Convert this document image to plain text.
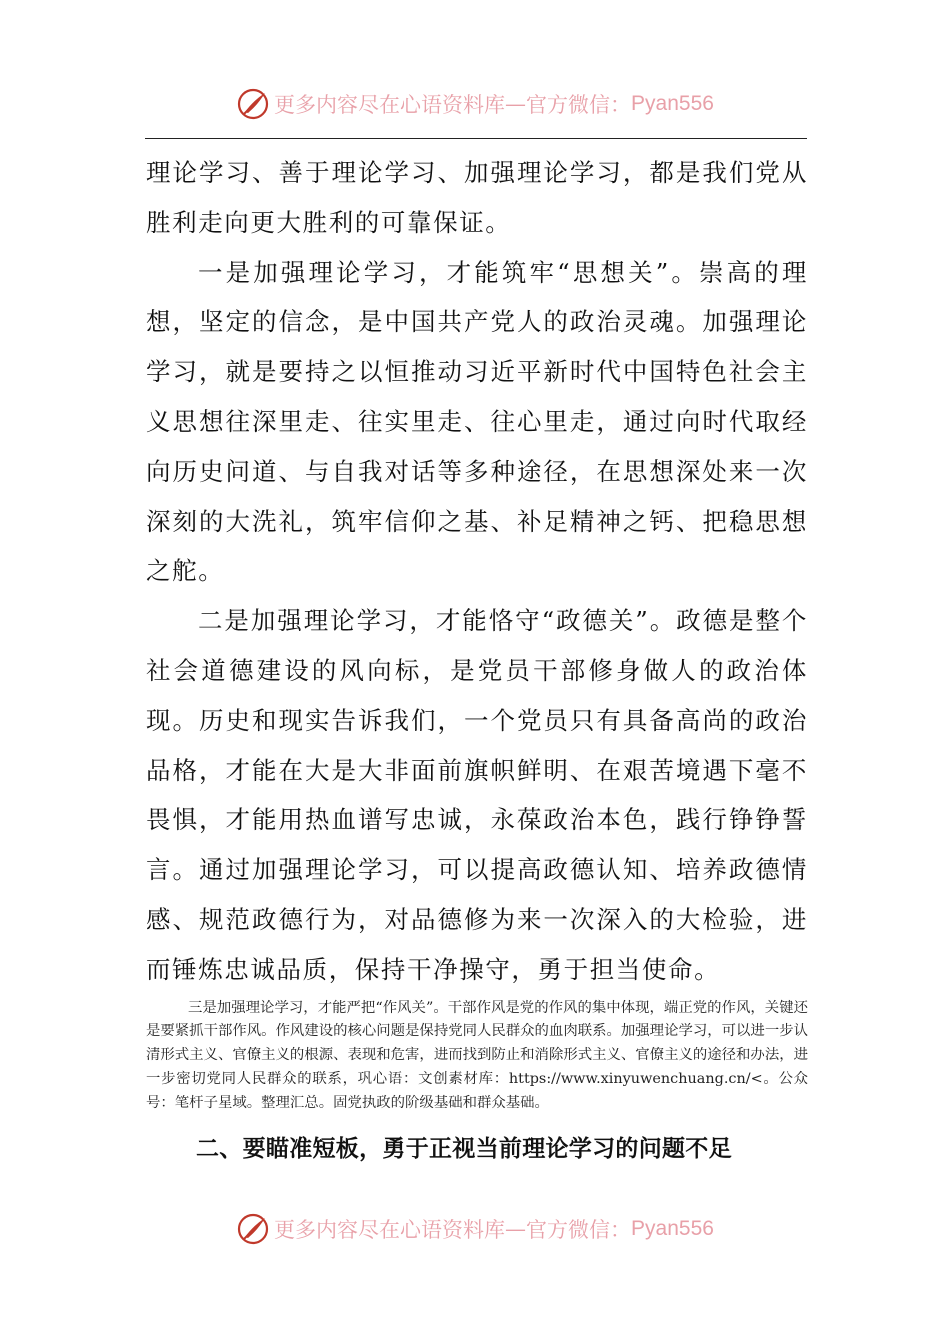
更多内容尽在心语资料库 — 官方微信： Pyan556

理论学习、善于理论学习、加强理论学习，都是我们党从胜利走向更大胜利的可靠保证。

一是加强理论学习，才能筑牢“思想关”。崇高的理想，坚定的信念，是中国共产党人的政治灵魂。加强理论学习，就是要持之以恒推动习近平新时代中国特色社会主义思想往深里走、往实里走、往心里走，通过向时代取经向历史问道、与自我对话等多种途径，在思想深处来一次深刻的大洗礼，筑牢信仰之基、补足精神之钙、把稳思想之舵。

二是加强理论学习，才能恪守“政德关”。政德是整个社会道德建设的风向标，是党员干部修身做人的政治体现。历史和现实告诉我们，一个党员只有具备高尚的政治品格，才能在大是大非面前旗帜鲜明、在艰苦境遇下毫不畏惧，才能用热血谱写忠诚，永葆政治本色，践行铮铮誓言。通过加强理论学习，可以提高政德认知、培养政德情感、规范政德行为，对品德修为来一次深入的大检验，进而锤炼忠诚品质，保持干净操守，勇于担当使命。

三是加强理论学习，才能严把“作风关”。干部作风是党的作风的集中体现，端正党的作风，关键还是要紧抓干部作风。作风建设的核心问题是保持党同人民群众的血肉联系。加强理论学习，可以进一步认清形式主义、官僚主义的根源、表现和危害，进而找到防止和消除形式主义、官僚主义的途径和办法，进一步密切党同人民群众的联系，巩心语：文创素材库：https://www.xinyuwenchuang.cn/<。公众号：笔杆子星域。整理汇总。固党执政的阶级基础和群众基础。

二、要瞄准短板，勇于正视当前理论学习的问题不足

更多内容尽在心语资料库 — 官方微信： Pyan556
